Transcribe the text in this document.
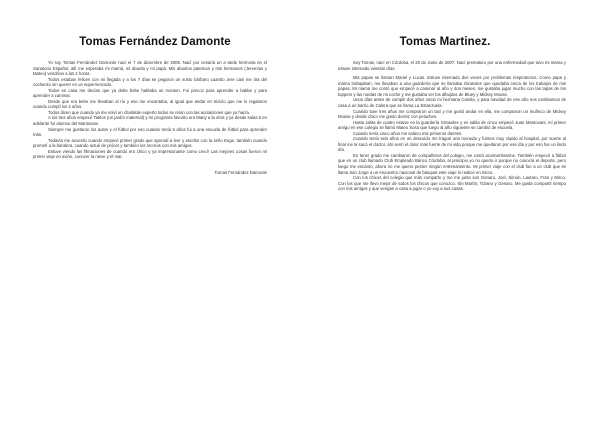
Tomas Fernández Damonte

Yo soy Tomas Fernández Damonte nací el 7 de diciembre de 2006. Nací por cesaría un a tarde hermosa en el Sanatorio Español, allí me esperaba mi mamá, mi abuela y mi papá. Mis abuelos paternos y mis hermanos (Jeremías y Mateo) vendrían a las 2 horas.

Todos estaban felices con mi llegada y a los 7 días se pegaron un susto bárbaro cuando Jere casi me tira del cochecito sin querer en un supermercado.

Todos en casa me decían que ya debe bebe hablaba un monton. Fui precoz para aprender a hablar y para aprender a caminar.

Desde que era bebe me llevaban al río y eso me encantaba, al igual que andar en triciclo que me lo regalaron cuando cumplí los 2 años.

Todos dicen que cuando ya me volví un charlatán experto todos se reían con las acotaciones que yo hacía.

A los tres años empecé Tatitos (un jardín maternal) y mi programa favorito era Many a la obra y ya desde salas 5 en adelante fuí alumno del Mantovani.

Siempre me gustaron los autos y el fútbol por eso cuando tenía 5 años fui a una escuela de fútbol para aprender más.

Todavía me acuerdo cuando empecé primer grado que aprendí a leer y escribir con la seño Euge, también cuando prometí a la bandera, cuando actué de prócer y también los recreos con mis amigos.

Estuve viendo las filmaciones de cuando era chico y ya impresionante como crecí! Las mejores cosas fueron mi primer viaje en avión, conocer la nieve y el mar.

Tomas Fernández Damonte
Tomas Martinez.

Soy Tomas, nací en Córdoba, el 20 de Junio de 2007. Nací prematuro por una enfermedad que tuvo mi mama y estuve internado veintiún días.

Mis papas se llaman Mariel y Lucas. Estuve internado dos veces por problemas respiratorios. Como papa y mama trabajaban, me llevaban a una guardería que se llamaba Girasoles que quedaba cerca de los trabajos de mis papas. Mi mamá me contó que empecé a caminar al año y dos meses, me gustaba jugar mucho con las tapas de los tuppers y las ruedas de mi coche y me gustaba ver los dibujitos de Bluey y Mickey Mouse.

Unos días antes de cumplir dos años nació mi hermana Camila, y para navidad de ese año nos cambiamos de casa a un barrio de Calera que se llama La Estanzuela.

Cuando tuve tres años me compraron un taxi y me gustó andar en ella, me compraron un muñeco de Mickey Mouse y desde chico me gusto dormir con peluches.

Hasta salita de cuatro estuve en la guardería Girasoles y en salita de cinco empecé Juan Mantovani, mi primer amigo en ese colegio se llamó Mateo Sosa que luego al año siguiente se cambió de escuela.

Cuando tenía cinco años me saliero mis primeros dientes.

Cuando tenía seis años en un descuido me tragué una moneda y fuimos muy rápido al hospital, por suerte al final me la sacó el doctor, ahí sentí el dolor mas fuerte de mi vida porque me quedaron por ese día y por eso fue un lindo día.

En tener grado me cambiaron de compañeros del colegio, me costó acostumbrarme. También empecé a fútbol que en un club llamado Club Empleado Banco Córdoba, al principio yo no quería ir porque no conocía el deporte, pero luego me encantó, ahora no me quiero perder ningún entrenamiento. Mi primer viaje con el club fue a un club que se llama San Jorge a un encuentro nacional de básquet este viaje lo realicé en micro.

Con los chicos del colegio que más comparto y me me junto son Genaro, Joel, Simón, Lautaro, Fran y Mirco. Con los que me llevo mejor de todos los chicos que conozco. Sin Martín, Tiziano y Genaro. Me gusta compartir tiempo con mis amigos y que vengan a casa a jugar o yo voy a sus casas.
